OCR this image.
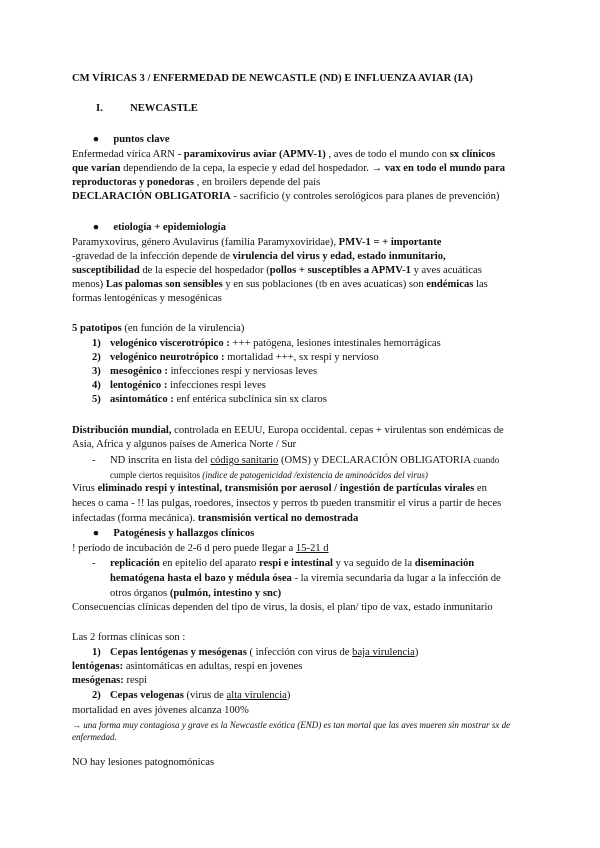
CM VÍRICAS 3 / ENFERMEDAD DE NEWCASTLE (ND) E INFLUENZA AVIAR (IA)
I.	NEWCASTLE
● puntos clave
Enfermedad vírica ARN - paramixovirus aviar (APMV-1) , aves de todo el mundo con sx clínicos
que varían dependiendo de la cepa, la especie y edad del hospedador. → vax en todo el mundo para
reproductoras y ponedoras , en broilers depende del país
DECLARACIÓN OBLIGATORIA - sacrificio (y controles serológicos para planes de prevención)
● etiología + epidemiología
Paramyxovirus, género Avulavirus (familia Paramyxoviridae), PMV-1 = + importante
-gravedad de la infección depende de virulencia del virus y edad, estado inmunitario,
susceptibilidad de la especie del hospedador (pollos + susceptibles a APMV-1 y aves acuáticas
menos) Las palomas son sensibles y en sus poblaciones (tb en aves acuaticas) son endémicas las
formas lentogénicas y mesogénicas
5 patotipos (en función de la virulencia)
1) velogénico viscerotrópico : +++ patógena, lesiones intestinales hemorrágicas
2) velogénico neurotrópico : mortalidad +++, sx respi y nervioso
3) mesogénico : infecciones respi y nerviosas leves
4) lentogénico : infecciones respi leves
5) asintomático : enf entérica subclínica sin sx claros
Distribución mundial, controlada en EEUU, Europa occidental. cepas + virulentas son endémicas de
Asia, Africa y algunos países de America Norte / Sur
- ND inscrita en lista del código sanitario (OMS) y DECLARACIÓN OBLIGATORIA cuando
cumple ciertos requisitos (indice de patogenicidad /existencia de aminoácidos del virus)
Virus eliminado respi y intestinal, transmisión por aerosol / ingestión de partículas virales en
heces o cama - !! las pulgas, roedores, insectos y perros tb pueden transmitir el virus a partir de heces
infectadas (forma mecánica). transmisión vertical no demostrada
● Patogénesis y hallazgos clínicos
! período de incubación de 2-6 d pero puede llegar a 15-21 d
- replicación en epitelio del aparato respi e intestinal y va seguido de la diseminación
hematógena hasta el bazo y médula ósea - la viremia secundaria da lugar a la infección de
otros órganos (pulmón, intestino y snc)
Consecuencias clínicas dependen del tipo de virus, la dosis, el plan/ tipo de vax, estado inmunitario
Las 2 formas clínicas son :
1) Cepas lentógenas y mesógenas ( infección con virus de baja virulencia)
lentógenas: asintomáticas en adultas, respi en jovenes
mesógenas: respi
2) Cepas velogenas (virus de alta virulencia)
mortalidad en aves jóvenes alcanza 100%
→ una forma muy contagiosa y grave es la Newcastle exótica (END) es tan mortal que las aves mueren sin mostrar sx de
enfermedad.
NO hay lesiones patognomónicas
